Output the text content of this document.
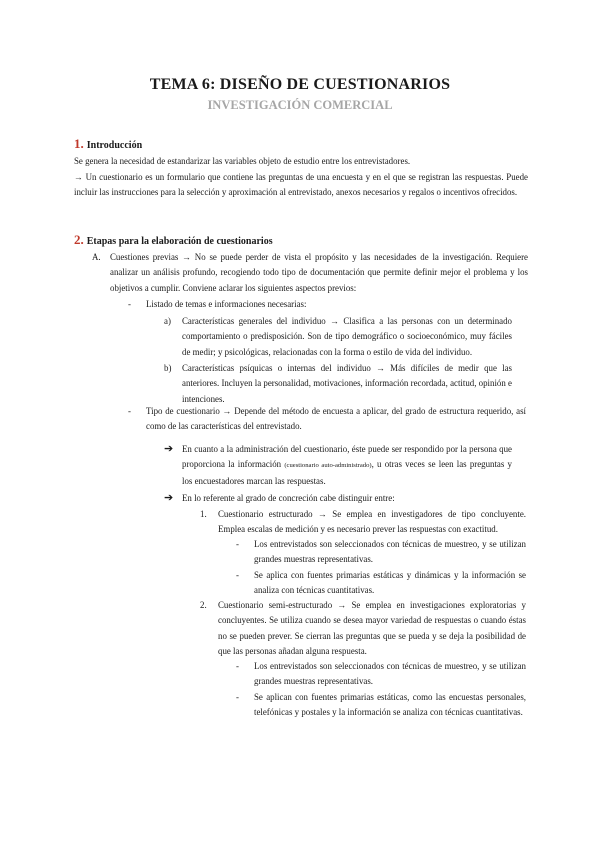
TEMA 6: DISEÑO DE CUESTIONARIOS
INVESTIGACIÓN COMERCIAL
1. Introducción

Se genera la necesidad de estandarizar las variables objeto de estudio entre los entrevistadores.

→ Un cuestionario es un formulario que contiene las preguntas de una encuesta y en el que se registran las respuestas. Puede incluir las instrucciones para la selección y aproximación al entrevistado, anexos necesarios y regalos o incentivos ofrecidos.

2. Etapas para la elaboración de cuestionarios
A. Cuestiones previas → No se puede perder de vista el propósito y las necesidades de la investigación. Requiere analizar un análisis profundo, recogiendo todo tipo de documentación que permite definir mejor el problema y los objetivos a cumplir. Conviene aclarar los siguientes aspectos previos:

- Listado de temas e informaciones necesarias:

a) Características generales del individuo → Clasifica a las personas con un determinado comportamiento o predisposición. Son de tipo demográfico o socioeconómico, muy fáciles de medir; y psicológicas, relacionadas con la forma o estilo de vida del individuo.

b) Características psíquicas o internas del individuo → Más difíciles de medir que las anteriores. Incluyen la personalidad, motivaciones, información recordada, actitud, opinión e intenciones.

- Tipo de cuestionario → Depende del método de encuesta a aplicar, del grado de estructura requerido, así como de las características del entrevistado.

➔ En cuanto a la administración del cuestionario, éste puede ser respondido por la persona que proporciona la información (cuestionario auto-administrado), u otras veces se leen las preguntas y los encuestadores marcan las respuestas.

➔ En lo referente al grado de concreción cabe distinguir entre:

1. Cuestionario estructurado → Se emplea en investigadores de tipo concluyente. Emplea escalas de medición y es necesario prever las respuestas con exactitud.

- Los entrevistados son seleccionados con técnicas de muestreo, y se utilizan grandes muestras representativas.

- Se aplica con fuentes primarias estáticas y dinámicas y la información se analiza con técnicas cuantitativas.

2. Cuestionario semi-estructurado → Se emplea en investigaciones exploratorias y concluyentes. Se utiliza cuando se desea mayor variedad de respuestas o cuando éstas no se pueden prever. Se cierran las preguntas que se pueda y se deja la posibilidad de que las personas añadan alguna respuesta.

- Los entrevistados son seleccionados con técnicas de muestreo, y se utilizan grandes muestras representativas.

- Se aplican con fuentes primarias estáticas, como las encuestas personales, telefónicas y postales y la información se analiza con técnicas cuantitativas.
